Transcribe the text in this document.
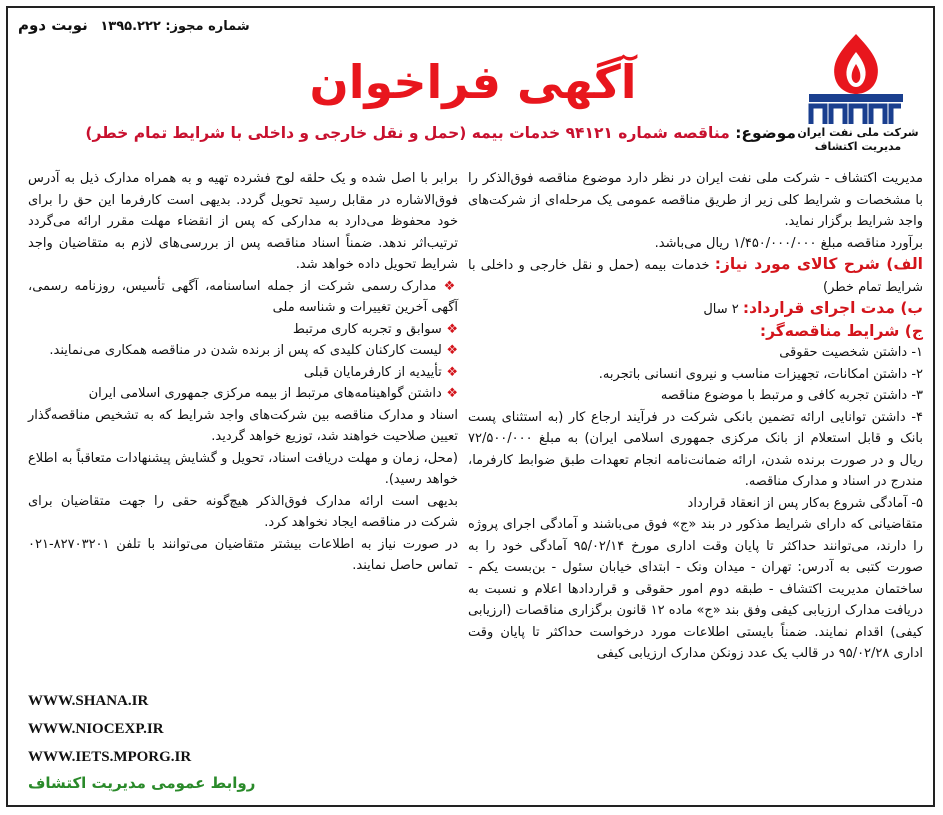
شماره مجوز: ۱۳۹۵.۲۲۲ نوبت دوم
آگهی فراخوان
شرکت ملی نفت ایران
مدیریت اکتشاف
موضوع: مناقصه شماره ۹۴۱۲۱ خدمات بیمه (حمل و نقل خارجی و داخلی با شرایط تمام خطر)

مدیریت اکتشاف - شرکت ملی نفت ایران در نظر دارد موضوع مناقصه فوق‌الذکر را با مشخصات و شرایط کلی زیر از طریق مناقصه عمومی یک مرحله‌ای از شرکت‌های واجد شرایط برگزار نماید.

برآورد مناقصه مبلغ ۱/۴۵۰/۰۰۰/۰۰۰ ریال می‌باشد.

الف) شرح کالای مورد نیاز: خدمات بیمه (حمل و نقل خارجی و داخلی با شرایط تمام خطر)

ب) مدت اجرای قرارداد: ۲ سال

ج) شرایط مناقصه‌گر:

۱- داشتن شخصیت حقوقی

۲- داشتن امکانات، تجهیزات مناسب و نیروی انسانی باتجربه.

۳- داشتن تجربه کافی و مرتبط با موضوع مناقصه

۴- داشتن توانایی ارائه تضمین بانکی شرکت در فرآیند ارجاع کار (به استثنای پست بانک و قابل استعلام از بانک مرکزی جمهوری اسلامی ایران) به مبلغ ۷۲/۵۰۰/۰۰۰ ریال و در صورت برنده شدن، ارائه ضمانت‌نامه انجام تعهدات طبق ضوابط کارفرما، مندرج در اسناد و مدارک مناقصه.

۵- آمادگی شروع به‌کار پس از انعقاد قرارداد

متقاضیانی که دارای شرایط مذکور در بند «ج» فوق می‌باشند و آمادگی اجرای پروژه را دارند، می‌توانند حداکثر تا پایان وقت اداری مورخ ۹۵/۰۲/۱۴ آمادگی خود را به صورت کتبی به آدرس: تهران - میدان ونک - ابتدای خیابان سئول - بن‌بست یکم - ساختمان مدیریت اکتشاف - طبقه دوم امور حقوقی و قراردادها اعلام و نسبت به دریافت مدارک ارزیابی کیفی وفق بند «ج» ماده ۱۲ قانون برگزاری مناقصات (ارزیابی کیفی) اقدام نمایند. ضمناً بایستی اطلاعات مورد درخواست حداکثر تا پایان وقت اداری ۹۵/۰۲/۲۸ در قالب یک عدد زونکن مدارک ارزیابی کیفی

برابر با اصل شده و یک حلقه لوح فشرده تهیه و به همراه مدارک ذیل به آدرس فوق‌الاشاره در مقابل رسید تحویل گردد. بدیهی است کارفرما این حق را برای خود محفوظ می‌دارد به مدارکی که پس از انقضاء مهلت مقرر ارائه می‌گردد ترتیب‌اثر ندهد. ضمناً اسناد مناقصه پس از بررسی‌های لازم به متقاضیان واجد شرایط تحویل داده خواهد شد.

❖ مدارک رسمی شرکت از جمله اساسنامه، آگهی تأسیس، روزنامه رسمی، آگهی آخرین تغییرات و شناسه ملی

❖ سوابق و تجربه کاری مرتبط

❖ لیست کارکنان کلیدی که پس از برنده شدن در مناقصه همکاری می‌نمایند.

❖ تأییدیه از کارفرمایان قبلی

❖ داشتن گواهینامه‌های مرتبط از بیمه مرکزی جمهوری اسلامی ایران

اسناد و مدارک مناقصه بین شرکت‌های واجد شرایط که به تشخیص مناقصه‌گذار تعیین صلاحیت خواهند شد، توزیع خواهد گردید.

(محل، زمان و مهلت دریافت اسناد، تحویل و گشایش پیشنهادات متعاقباً به اطلاع خواهد رسید).

بدیهی است ارائه مدارک فوق‌الذکر هیچ‌گونه حقی را جهت متقاضیان برای شرکت در مناقصه ایجاد نخواهد کرد.

در صورت نیاز به اطلاعات بیشتر متقاضیان می‌توانند با تلفن ۸۲۷۰۳۲۰۱-۰۲۱ تماس حاصل نمایند.

WWW.SHANA.IR
WWW.NIOCEXP.IR
WWW.IETS.MPORG.IR
روابط عمومی مدیریت اکتشاف
